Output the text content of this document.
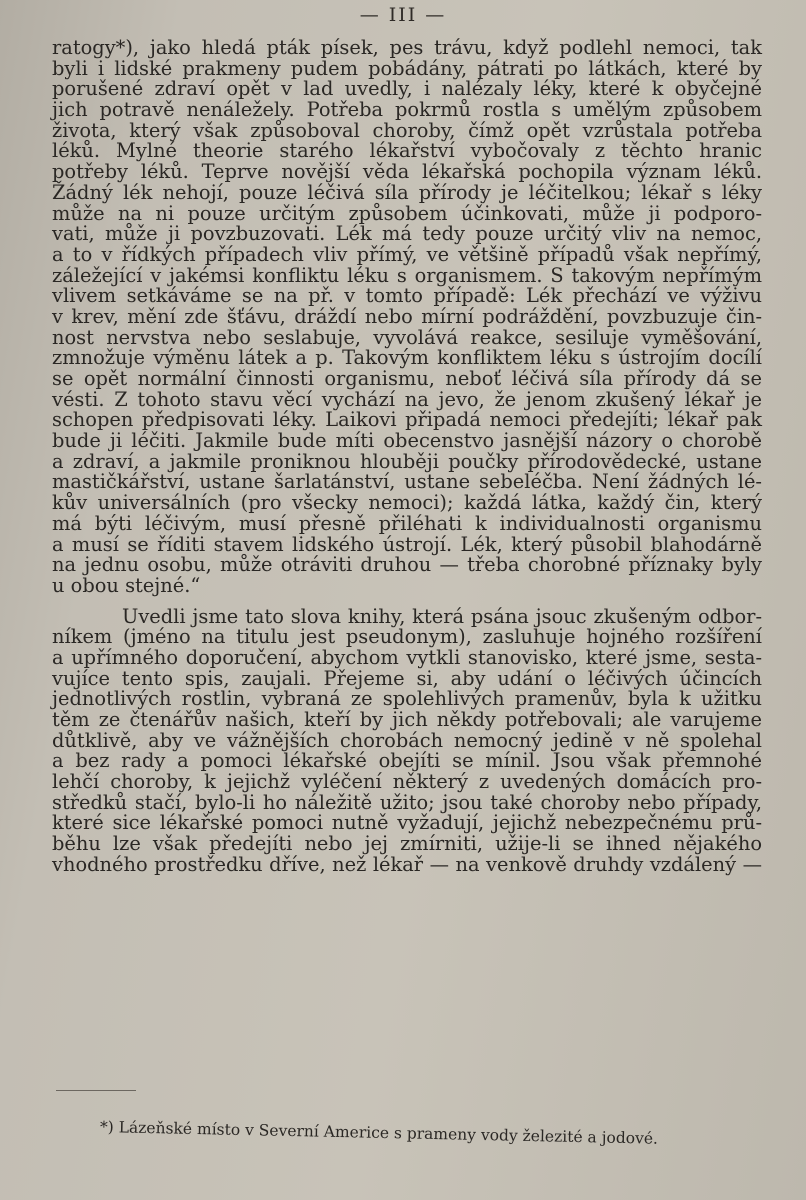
— III —
ratogy*), jako hledá pták písek, pes trávu, když podlehl nemoci, tak
byli i lidské prakmeny pudem pobádány, pátrati po látkách, které by
porušené zdraví opět v lad uvedly, i nalézaly léky, které k obyčejné
jich potravě nenáležely. Potřeba pokrmů rostla s umělým způsobem
života, který však způsoboval choroby, čímž opět vzrůstala potřeba
léků. Mylné theorie starého lékařství vybočovaly z těchto hranic
potřeby léků. Teprve novější věda lékařská pochopila význam léků.
Žádný lék nehojí, pouze léčivá síla přírody je léčitelkou; lékař s léky
může na ni pouze určitým způsobem účinkovati, může ji podporo-
vati, může ji povzbuzovati. Lék má tedy pouze určitý vliv na nemoc,
a to v řídkých případech vliv přímý, ve většině případů však nepřímý,
záležející v jakémsi konfliktu léku s organismem. S takovým nepřímým
vlivem setkáváme se na př. v tomto případě: Lék přechází ve výživu
v krev, mění zde šťávu, dráždí nebo mírní podráždění, povzbuzuje čin-
nost nervstva nebo seslabuje, vyvolává reakce, sesiluje vyměšování,
zmnožuje výměnu látek a p. Takovým konfliktem léku s ústrojím docílí
se opět normální činnosti organismu, neboť léčivá síla přírody dá se
vésti. Z tohoto stavu věcí vychází na jevo, že jenom zkušený lékař je
schopen předpisovati léky. Laikovi připadá nemoci předejíti; lékař pak
bude ji léčiti. Jakmile bude míti obecenstvo jasnější názory o chorobě
a zdraví, a jakmile proniknou hlouběji poučky přírodovědecké, ustane
mastičkářství, ustane šarlatánství, ustane sebeléčba. Není žádných lé-
kův universálních (pro všecky nemoci); každá látka, každý čin, který
má býti léčivým, musí přesně přiléhati k individualnosti organismu
a musí se říditi stavem lidského ústrojí. Lék, který působil blahodárně
na jednu osobu, může otráviti druhou — třeba chorobné příznaky byly
u obou stejné.“
Uvedli jsme tato slova knihy, která psána jsouc zkušeným odbor-
níkem (jméno na titulu jest pseudonym), zasluhuje hojného rozšíření
a upřímného doporučení, abychom vytkli stanovisko, které jsme, sesta-
vujíce tento spis, zaujali. Přejeme si, aby udání o léčivých účincích
jednotlivých rostlin, vybraná ze spolehlivých pramenův, byla k užitku
těm ze čtenářův našich, kteří by jich někdy potřebovali; ale varujeme
důtklivě, aby ve vážnějších chorobách nemocný jedině v ně spolehal
a bez rady a pomoci lékařské obejíti se mínil. Jsou však přemnohé
lehčí choroby, k jejichž vyléčení některý z uvedených domácích pro-
středků stačí, bylo-li ho náležitě užito; jsou také choroby nebo případy,
které sice lékařské pomoci nutně vyžadují, jejichž nebezpečnému prů-
běhu lze však předejíti nebo jej zmírniti, užije-li se ihned nějakého
vhodného prostředku dříve, než lékař — na venkově druhdy vzdálený —
*) Lázeňské místo v Severní Americe s prameny vody železité a jodové.
